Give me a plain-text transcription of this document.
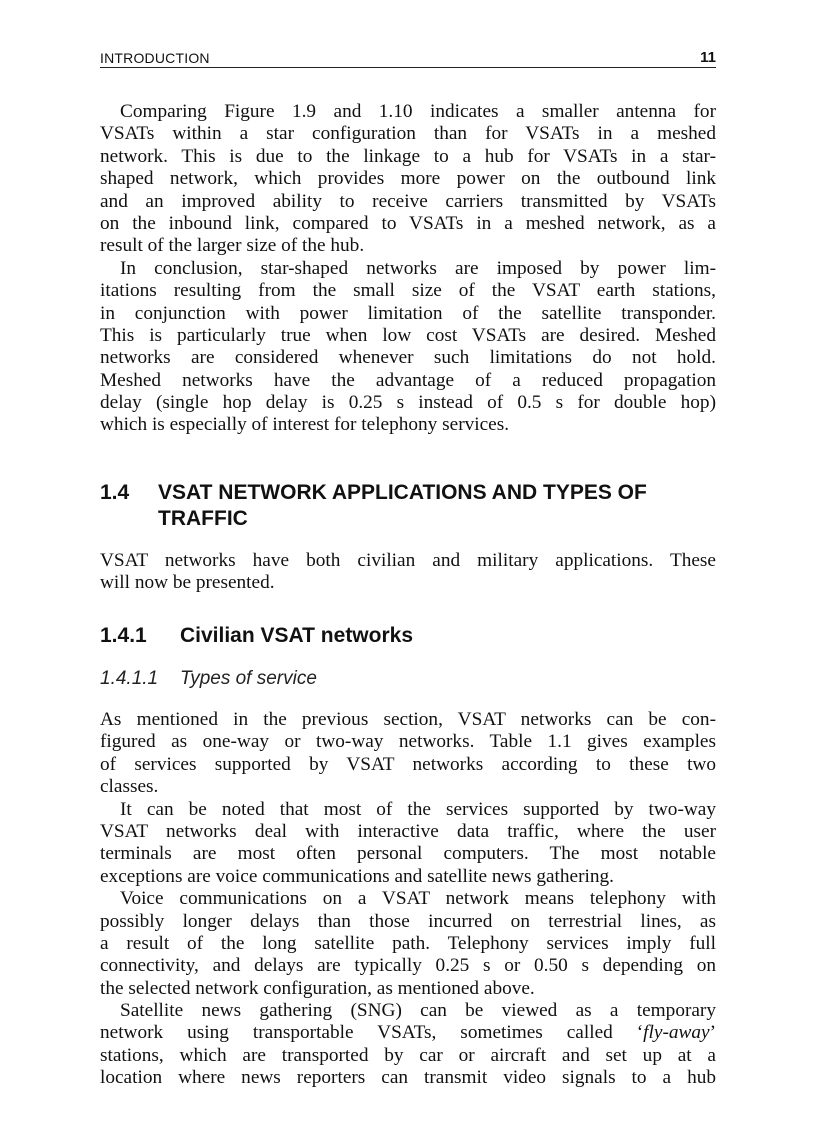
INTRODUCTION	11
Comparing Figure 1.9 and 1.10 indicates a smaller antenna for
VSATs within a star configuration than for VSATs in a meshed
network. This is due to the linkage to a hub for VSATs in a star-
shaped network, which provides more power on the outbound link
and an improved ability to receive carriers transmitted by VSATs
on the inbound link, compared to VSATs in a meshed network, as a
result of the larger size of the hub.
In conclusion, star-shaped networks are imposed by power lim-
itations resulting from the small size of the VSAT earth stations,
in conjunction with power limitation of the satellite transponder.
This is particularly true when low cost VSATs are desired. Meshed
networks are considered whenever such limitations do not hold.
Meshed networks have the advantage of a reduced propagation
delay (single hop delay is 0.25 s instead of 0.5 s for double hop)
which is especially of interest for telephony services.
1.4 VSAT NETWORK APPLICATIONS AND TYPES OF TRAFFIC
VSAT networks have both civilian and military applications. These
will now be presented.
1.4.1 Civilian VSAT networks
1.4.1.1 Types of service
As mentioned in the previous section, VSAT networks can be con-
figured as one-way or two-way networks. Table 1.1 gives examples
of services supported by VSAT networks according to these two
classes.
It can be noted that most of the services supported by two-way
VSAT networks deal with interactive data traffic, where the user
terminals are most often personal computers. The most notable
exceptions are voice communications and satellite news gathering.
Voice communications on a VSAT network means telephony with
possibly longer delays than those incurred on terrestrial lines, as
a result of the long satellite path. Telephony services imply full
connectivity, and delays are typically 0.25 s or 0.50 s depending on
the selected network configuration, as mentioned above.
Satellite news gathering (SNG) can be viewed as a temporary
network using transportable VSATs, sometimes called ‘fly-away’
stations, which are transported by car or aircraft and set up at a
location where news reporters can transmit video signals to a hub
